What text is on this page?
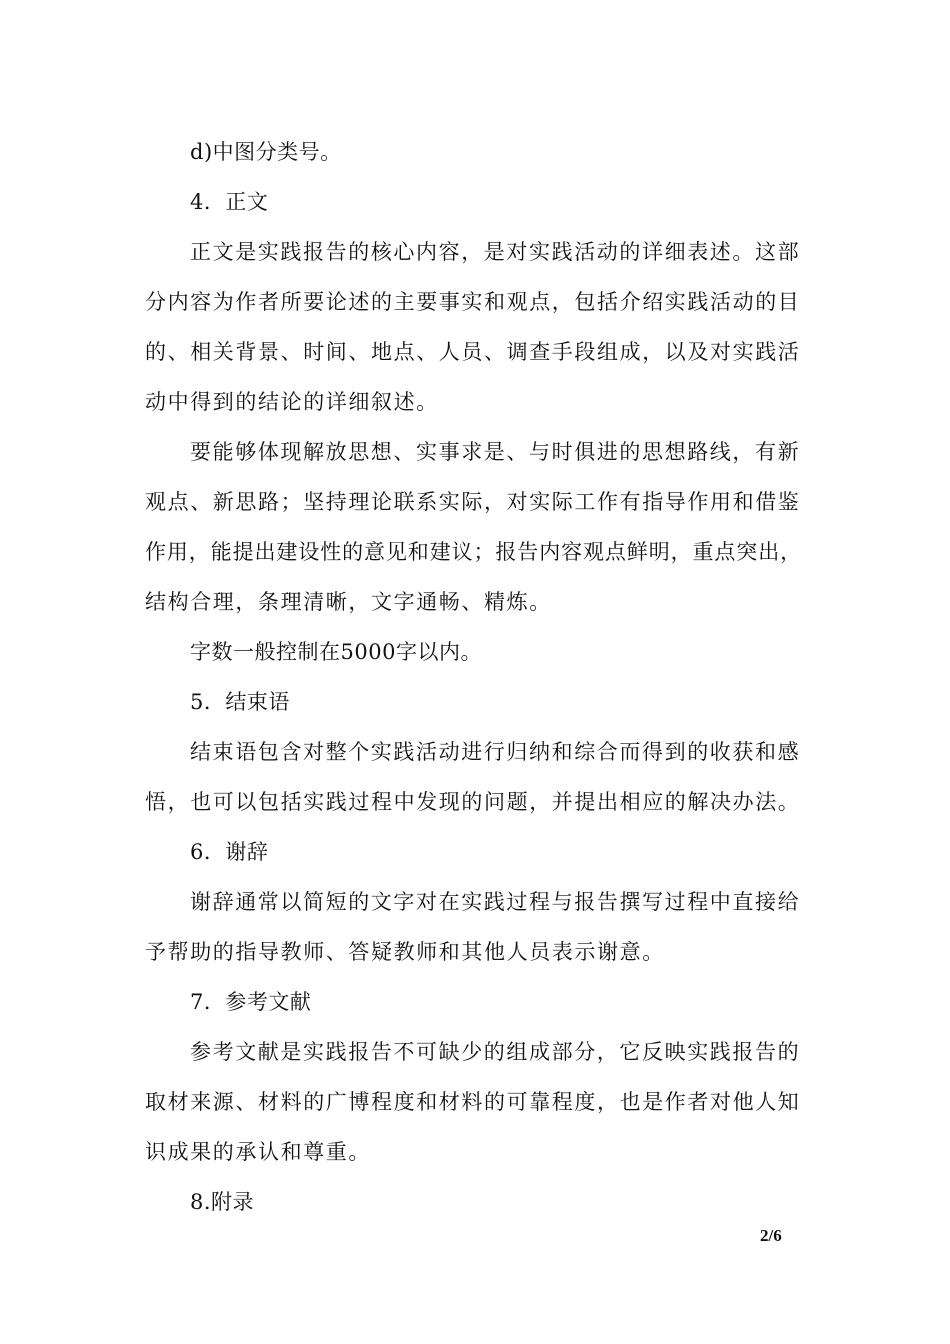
d)中图分类号。
4．正文
正文是实践报告的核心内容，是对实践活动的详细表述。这部
分内容为作者所要论述的主要事实和观点，包括介绍实践活动的目
的、相关背景、时间、地点、人员、调查手段组成，以及对实践活
动中得到的结论的详细叙述。
要能够体现解放思想、实事求是、与时俱进的思想路线，有新
观点、新思路；坚持理论联系实际，对实际工作有指导作用和借鉴
作用，能提出建设性的意见和建议；报告内容观点鲜明，重点突出，
结构合理，条理清晰，文字通畅、精炼。
字数一般控制在5000字以内。
5．结束语
结束语包含对整个实践活动进行归纳和综合而得到的收获和感
悟，也可以包括实践过程中发现的问题，并提出相应的解决办法。
6．谢辞
谢辞通常以简短的文字对在实践过程与报告撰写过程中直接给
予帮助的指导教师、答疑教师和其他人员表示谢意。
7．参考文献
参考文献是实践报告不可缺少的组成部分，它反映实践报告的
取材来源、材料的广博程度和材料的可靠程度，也是作者对他人知
识成果的承认和尊重。
8.附录
2/6
